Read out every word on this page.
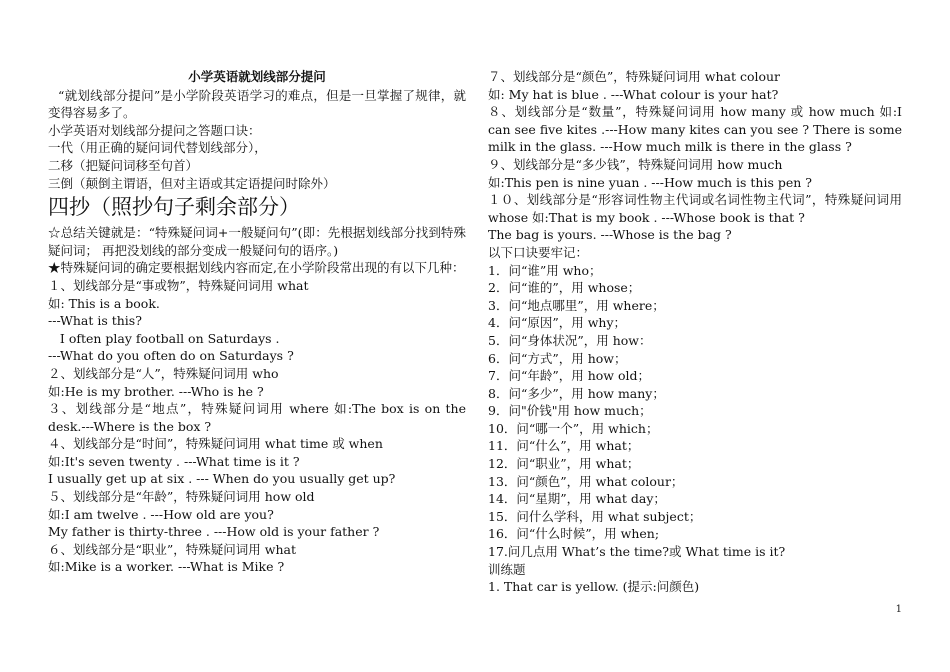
小学英语就划线部分提问
“就划线部分提问”是小学阶段英语学习的难点，但是一旦掌握了规律，就变得容易多了。
小学英语对划线部分提问之答题口诀：
一代（用正确的疑问词代替划线部分），
二移（把疑问词移至句首）
三倒（颠倒主谓语，但对主语或其定语提问时除外）
四抄（照抄句子剩余部分）
☆总结关键就是：“特殊疑问词+一般疑问句”(即：先根据划线部分找到特殊疑问词； 再把没划线的部分变成一般疑问句的语序。)
★特殊疑问词的确定要根据划线内容而定,在小学阶段常出现的有以下几种：
１、划线部分是“事或物”，特殊疑问词用 what
如: This is a book.
---What is this?
I often play football on Saturdays .
---What do you often do on Saturdays ?
２、划线部分是“人”，特殊疑问词用 who
如:He is my brother. ---Who is he ?
３、划线部分是“地点”，特殊疑问词用 where 如:The box is on the desk.---Where is the box ?
４、划线部分是“时间”，特殊疑问词用 what time 或 when
如:It's seven twenty . ---What time is it ?
I usually get up at six . --- When do you usually get up?
５、划线部分是“年龄”，特殊疑问词用 how old
如:I am twelve . ---How old are you?
My father is thirty-three . ---How old is your father ?
６、划线部分是“职业”，特殊疑问词用 what
如:Mike is a worker. ---What is Mike ?
７、划线部分是“颜色”，特殊疑问词用 what colour
如: My hat is blue . ---What colour is your hat?
８、划线部分是“数量”，特殊疑问词用 how many 或 how much 如:I can see five kites .---How many kites can you see ? There is some milk in the glass. ---How much milk is there in the glass ?
９、划线部分是“多少钱”，特殊疑问词用 how much
如:This pen is nine yuan . ---How much is this pen ?
１０、划线部分是“形容词性物主代词或名词性物主代词”，特殊疑问词用 whose 如:That is my book . ---Whose book is that ?
The bag is yours. ---Whose is the bag ?
以下口诀要牢记：
1．问“谁”用 who；
2．问“谁的”，用 whose；
3．问“地点哪里”，用 where；
4．问“原因”，用 why；
5．问“身体状况”，用 how：
6．问“方式”，用 how；
7．问“年龄”，用 how old；
8．问“多少”，用 how many；
9．问"价钱"用 how much；
10．问“哪一个”，用 which；
11．问“什么”，用 what；
12．问“职业”，用 what；
13．问“颜色”，用 what colour；
14．问“星期”，用 what day；
15．问什么学科，用 what subject；
16．问“什么时候”，用 when;
17.问几点用 What’s the time?或 What time is it?
训练题
1. That car is yellow. (提示:问颜色)
1
